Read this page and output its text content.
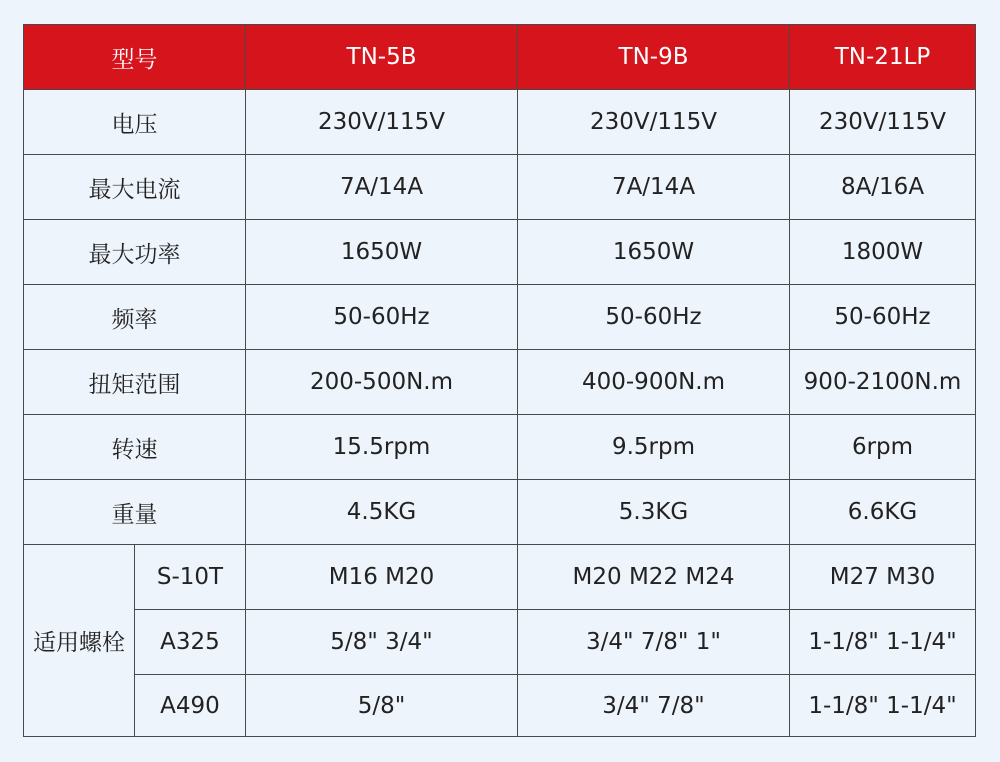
型号		TN-5B	TN-9B	TN-21LP
电压		230V/115V	230V/115V	230V/115V
最大电流		7A/14A	7A/14A	8A/16A
最大功率		1650W	1650W	1800W
频率		50-60Hz	50-60Hz	50-60Hz
扭矩范围		200-500N.m	400-900N.m	900-2100N.m
转速		15.5rpm	9.5rpm	6rpm
重量		4.5KG	5.3KG	6.6KG
适用螺栓	S-10T	M16 M20	M20 M22 M24	M27 M30
	A325	5/8" 3/4"	3/4" 7/8" 1"	1-1/8" 1-1/4"
	A490	5/8"	3/4" 7/8"	1-1/8" 1-1/4"
